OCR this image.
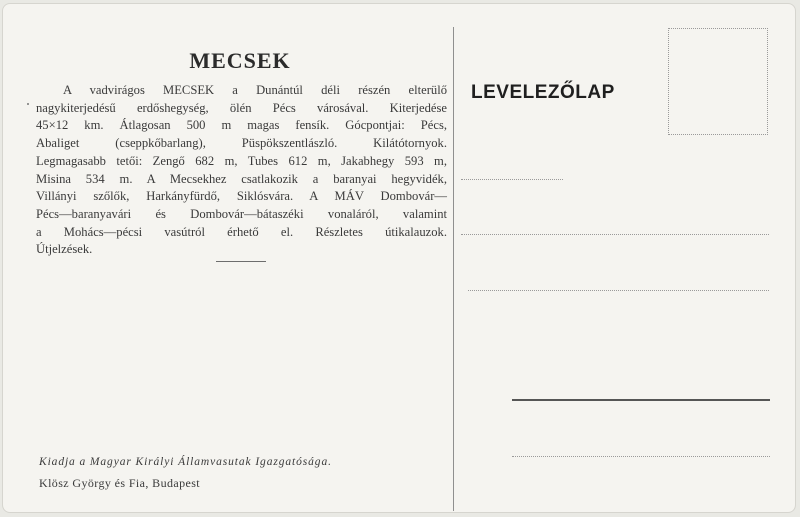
MECSEK
A vadvirágos MECSEK a Dunántúl déli részén elterülő
nagykiterjedésű erdőshegység, ölén Pécs városával. Kiterjedése
45×12 km. Átlagosan 500 m magas fensík. Gócpontjai: Pécs,
Abaliget (cseppkőbarlang), Püspökszentlászló. Kilátótornyok.
Legmagasabb tetői: Zengő 682 m, Tubes 612 m, Jakabhegy 593 m,
Misina 534 m. A Mecsekhez csatlakozik a baranyai hegyvidék,
Villányi szőlők, Harkányfürdő, Siklósvára. A MÁV Dombovár—
Pécs—baranyavári és Dombovár—bátaszéki vonaláról, valamint
a Mohács—pécsi vasútról érhető el. Részletes útikalauzok.
Útjelzések.
Kiadja a Magyar Királyi Államvasutak Igazgatósága.
Klösz György és Fia, Budapest
LEVELEZŐLAP
